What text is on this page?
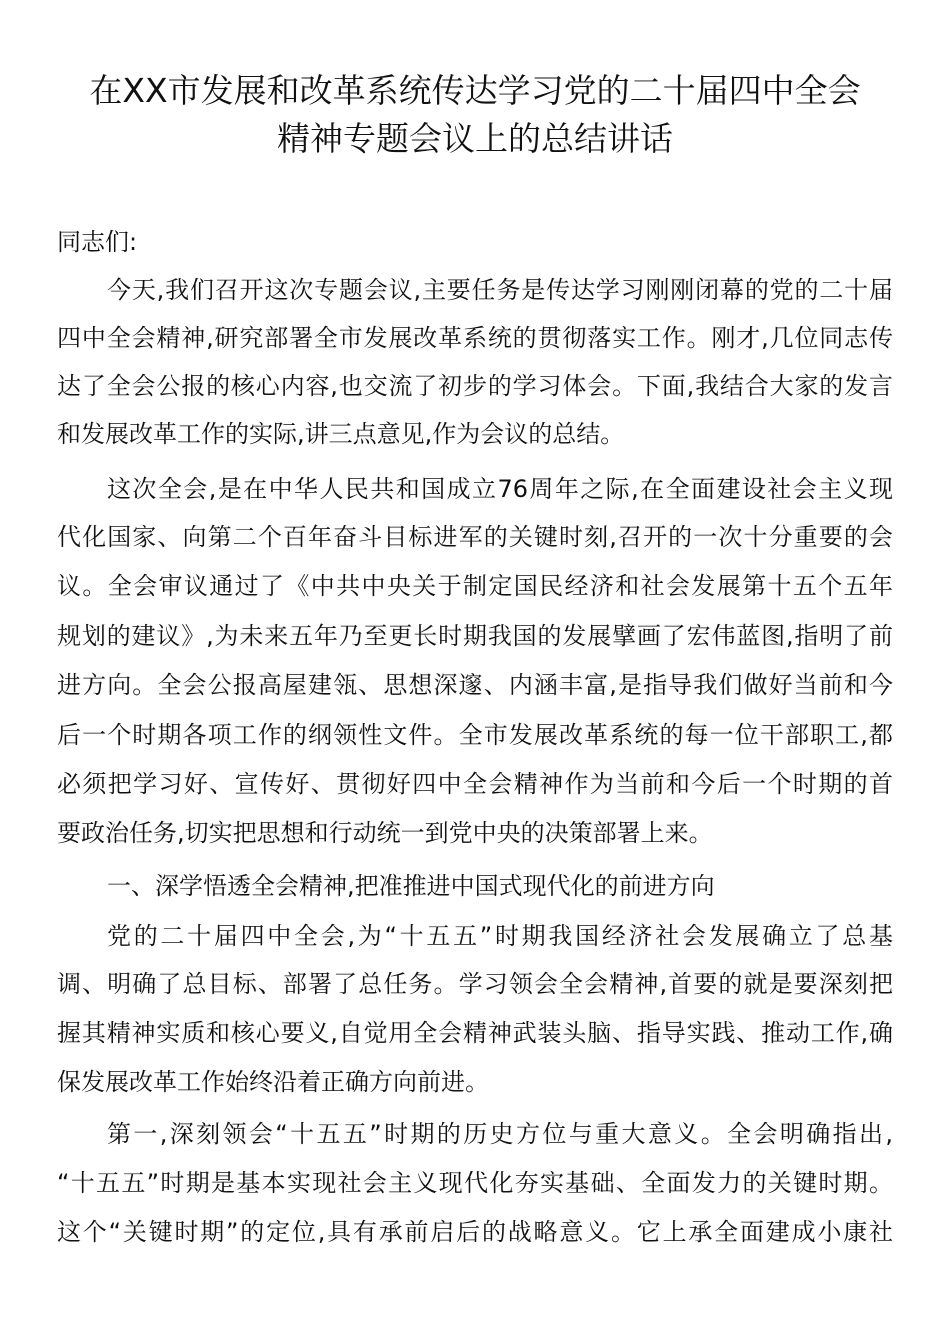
在XX市发展和改革系统传达学习党的二十届四中全会
精神专题会议上的总结讲话
同志们:
今天,我们召开这次专题会议,主要任务是传达学习刚刚闭幕的党的二十届
四中全会精神,研究部署全市发展改革系统的贯彻落实工作。刚才,几位同志传
达了全会公报的核心内容,也交流了初步的学习体会。下面,我结合大家的发言
和发展改革工作的实际,讲三点意见,作为会议的总结。
这次全会,是在中华人民共和国成立76周年之际,在全面建设社会主义现
代化国家、向第二个百年奋斗目标进军的关键时刻,召开的一次十分重要的会
议。全会审议通过了《中共中央关于制定国民经济和社会发展第十五个五年
规划的建议》,为未来五年乃至更长时期我国的发展擘画了宏伟蓝图,指明了前
进方向。全会公报高屋建瓴、思想深邃、内涵丰富,是指导我们做好当前和今
后一个时期各项工作的纲领性文件。全市发展改革系统的每一位干部职工,都
必须把学习好、宣传好、贯彻好四中全会精神作为当前和今后一个时期的首
要政治任务,切实把思想和行动统一到党中央的决策部署上来。
一、深学悟透全会精神,把准推进中国式现代化的前进方向
党的二十届四中全会,为“十五五”时期我国经济社会发展确立了总基
调、明确了总目标、部署了总任务。学习领会全会精神,首要的就是要深刻把
握其精神实质和核心要义,自觉用全会精神武装头脑、指导实践、推动工作,确
保发展改革工作始终沿着正确方向前进。
第一,深刻领会“十五五”时期的历史方位与重大意义。全会明确指出,
“十五五”时期是基本实现社会主义现代化夯实基础、全面发力的关键时期。
这个“关键时期”的定位,具有承前启后的战略意义。它上承全面建成小康社
